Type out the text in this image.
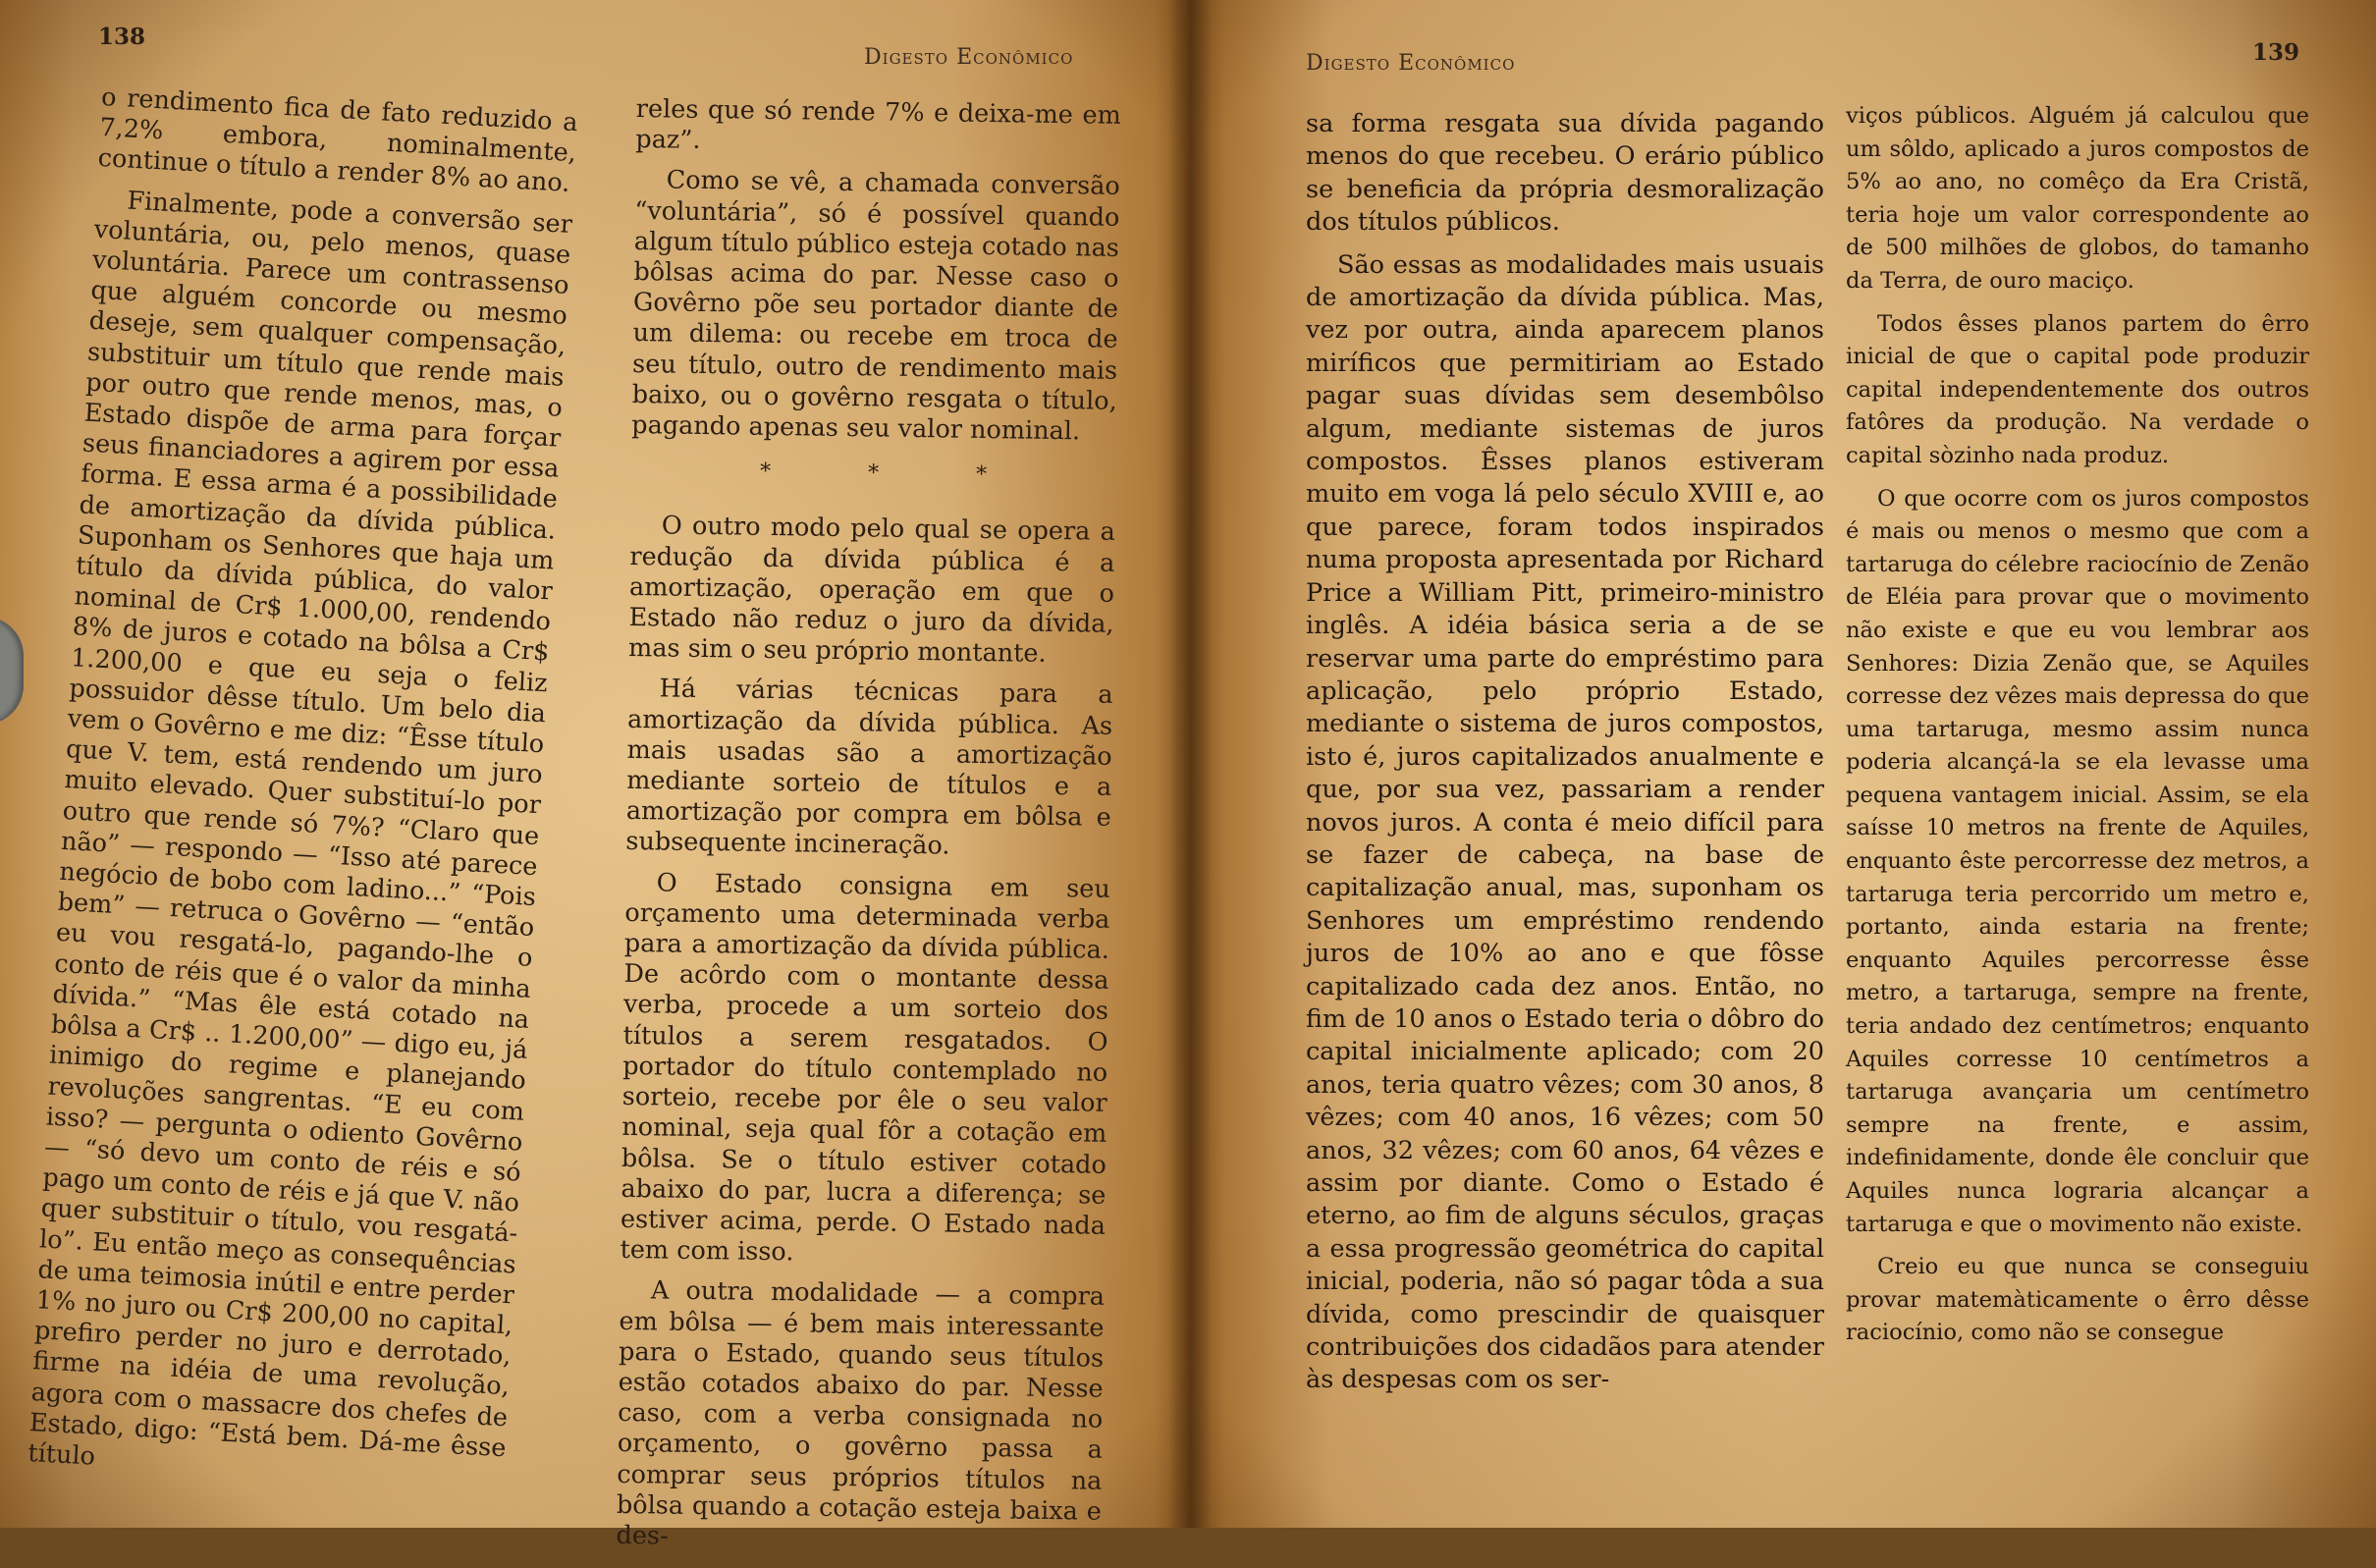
138
Digesto Econômico

o rendimento fica de fato reduzido a 7,2% embora, nominalmente, continue o título a render 8% ao ano.

Finalmente, pode a conversão ser voluntária, ou, pelo menos, quase voluntária. Parece um contrassenso que alguém concorde ou mesmo deseje, sem qualquer compensação, substituir um título que rende mais por outro que rende menos, mas, o Estado dispõe de arma para forçar seus financiadores a agirem por essa forma. E essa arma é a possibilidade de amortização da dívida pública. Suponham os Senhores que haja um título da dívida pública, do valor nominal de Cr$ 1.000,00, rendendo 8% de juros e cotado na bôlsa a Cr$ 1.200,00 e que eu seja o feliz possuidor dêsse título. Um belo dia vem o Govêrno e me diz: “Êsse título que V. tem, está rendendo um juro muito elevado. Quer substituí-lo por outro que rende só 7%? “Claro que não” — respondo — “Isso até parece negócio de bobo com ladino...” “Pois bem” — retruca o Govêrno — “então eu vou resgatá-lo, pagando-lhe o conto de réis que é o valor da minha dívida.” “Mas êle está cotado na bôlsa a Cr$ .. 1.200,00” — digo eu, já inimigo do regime e planejando revoluções sangrentas. “E eu com isso? — pergunta o odiento Govêrno — “só devo um conto de réis e só pago um conto de réis e já que V. não quer substituir o título, vou resgatá-lo”. Eu então meço as consequências de uma teimosia inútil e entre perder 1% no juro ou Cr$ 200,00 no capital, prefiro perder no juro e derrotado, firme na idéia de uma revolução, agora com o massacre dos chefes de Estado, digo: “Está bem. Dá-me êsse título

reles que só rende 7% e deixa-me em paz”.

Como se vê, a chamada conversão “voluntária”, só é possível quando algum título público esteja cotado nas bôlsas acima do par. Nesse caso o Govêrno põe seu portador diante de um dilema: ou recebe em troca de seu título, outro de rendimento mais baixo, ou o govêrno resgata o título, pagando apenas seu valor nominal.

* * *

O outro modo pelo qual se opera a redução da dívida pública é a amortização, operação em que o Estado não reduz o juro da dívida, mas sim o seu próprio montante.

Há várias técnicas para a amortização da dívida pública. As mais usadas são a amortização mediante sorteio de títulos e a amortização por compra em bôlsa e subsequente incineração.

O Estado consigna em seu orçamento uma determinada verba para a amortização da dívida pública. De acôrdo com o montante dessa verba, procede a um sorteio dos títulos a serem resgatados. O portador do título contemplado no sorteio, recebe por êle o seu valor nominal, seja qual fôr a cotação em bôlsa. Se o título estiver cotado abaixo do par, lucra a diferença; se estiver acima, perde. O Estado nada tem com isso.

A outra modalidade — a compra em bôlsa — é bem mais interessante para o Estado, quando seus títulos estão cotados abaixo do par. Nesse caso, com a verba consignada no orçamento, o govêrno passa a comprar seus próprios títulos na bôlsa quando a cotação esteja baixa e des-

Digesto Econômico	139

sa forma resgata sua dívida pagando menos do que recebeu. O erário público se beneficia da própria desmoralização dos títulos públicos.

São essas as modalidades mais usuais de amortização da dívida pública. Mas, vez por outra, ainda aparecem planos miríficos que permitiriam ao Estado pagar suas dívidas sem desembôlso algum, mediante sistemas de juros compostos. Êsses planos estiveram muito em voga lá pelo século XVIII e, ao que parece, foram todos inspirados numa proposta apresentada por Richard Price a William Pitt, primeiro-ministro inglês. A idéia básica seria a de se reservar uma parte do empréstimo para aplicação, pelo próprio Estado, mediante o sistema de juros compostos, isto é, juros capitalizados anualmente e que, por sua vez, passariam a render novos juros. A conta é meio difícil para se fazer de cabeça, na base de capitalização anual, mas, suponham os Senhores um empréstimo rendendo juros de 10% ao ano e que fôsse capitalizado cada dez anos. Então, no fim de 10 anos o Estado teria o dôbro do capital inicialmente aplicado; com 20 anos, teria quatro vêzes; com 30 anos, 8 vêzes; com 40 anos, 16 vêzes; com 50 anos, 32 vêzes; com 60 anos, 64 vêzes e assim por diante. Como o Estado é eterno, ao fim de alguns séculos, graças a essa progressão geométrica do capital inicial, poderia, não só pagar tôda a sua dívida, como prescindir de quaisquer contribuições dos cidadãos para atender às despesas com os ser-

viços públicos. Alguém já calculou que um sôldo, aplicado a juros compostos de 5% ao ano, no comêço da Era Cristã, teria hoje um valor correspondente ao de 500 milhões de globos, do tamanho da Terra, de ouro maciço.

Todos êsses planos partem do êrro inicial de que o capital pode produzir capital independentemente dos outros fatôres da produção. Na verdade o capital sòzinho nada produz.

O que ocorre com os juros compostos é mais ou menos o mesmo que com a tartaruga do célebre raciocínio de Zenão de Eléia para provar que o movimento não existe e que eu vou lembrar aos Senhores: Dizia Zenão que, se Aquiles corresse dez vêzes mais depressa do que uma tartaruga, mesmo assim nunca poderia alcançá-la se ela levasse uma pequena vantagem inicial. Assim, se ela saísse 10 metros na frente de Aquiles, enquanto êste percorresse dez metros, a tartaruga teria percorrido um metro e, portanto, ainda estaria na frente; enquanto Aquiles percorresse êsse metro, a tartaruga, sempre na frente, teria andado dez centímetros; enquanto Aquiles corresse 10 centímetros a tartaruga avançaria um centímetro sempre na frente, e assim, indefinidamente, donde êle concluir que Aquiles nunca lograria alcançar a tartaruga e que o movimento não existe.

Creio eu que nunca se conseguiu provar matemàticamente o êrro dêsse raciocínio, como não se consegue
